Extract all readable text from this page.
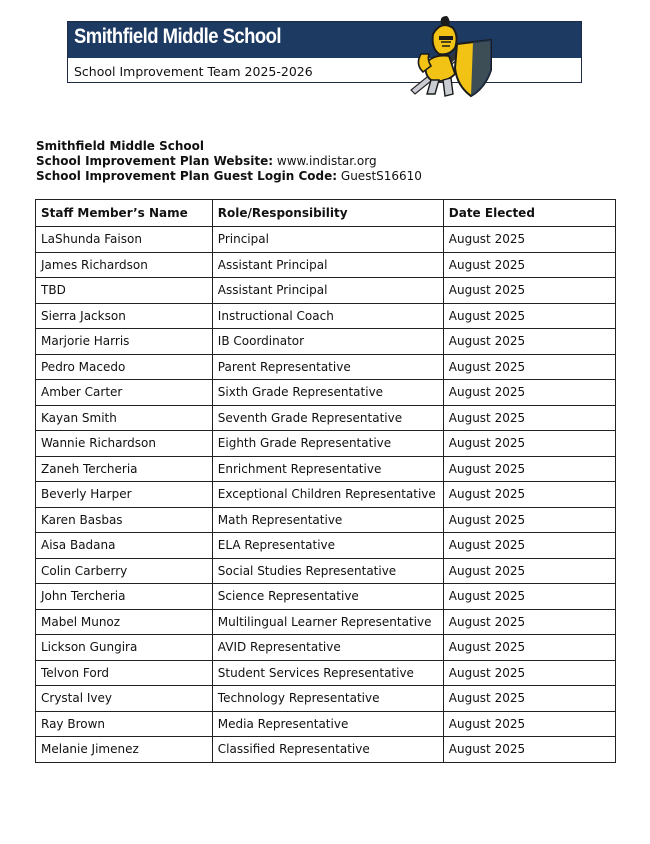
Smithfield Middle School
School Improvement Team 2025-2026
Smithfield Middle School
School Improvement Plan Website: www.indistar.org
School Improvement Plan Guest Login Code: GuestS16610
Staff Member’s Name	Role/Responsibility	Date Elected
LaShunda Faison	Principal	August 2025
James Richardson	Assistant Principal	August 2025
TBD	Assistant Principal	August 2025
Sierra Jackson	Instructional Coach	August 2025
Marjorie Harris	IB Coordinator	August 2025
Pedro Macedo	Parent Representative	August 2025
Amber Carter	Sixth Grade Representative	August 2025
Kayan Smith	Seventh Grade Representative	August 2025
Wannie Richardson	Eighth Grade Representative	August 2025
Zaneh Tercheria	Enrichment Representative	August 2025
Beverly Harper	Exceptional Children Representative	August 2025
Karen Basbas	Math Representative	August 2025
Aisa Badana	ELA Representative	August 2025
Colin Carberry	Social Studies Representative	August 2025
John Tercheria	Science Representative	August 2025
Mabel Munoz	Multilingual Learner Representative	August 2025
Lickson Gungira	AVID Representative	August 2025
Telvon Ford	Student Services Representative	August 2025
Crystal Ivey	Technology Representative	August 2025
Ray Brown	Media Representative	August 2025
Melanie Jimenez	Classified Representative	August 2025
